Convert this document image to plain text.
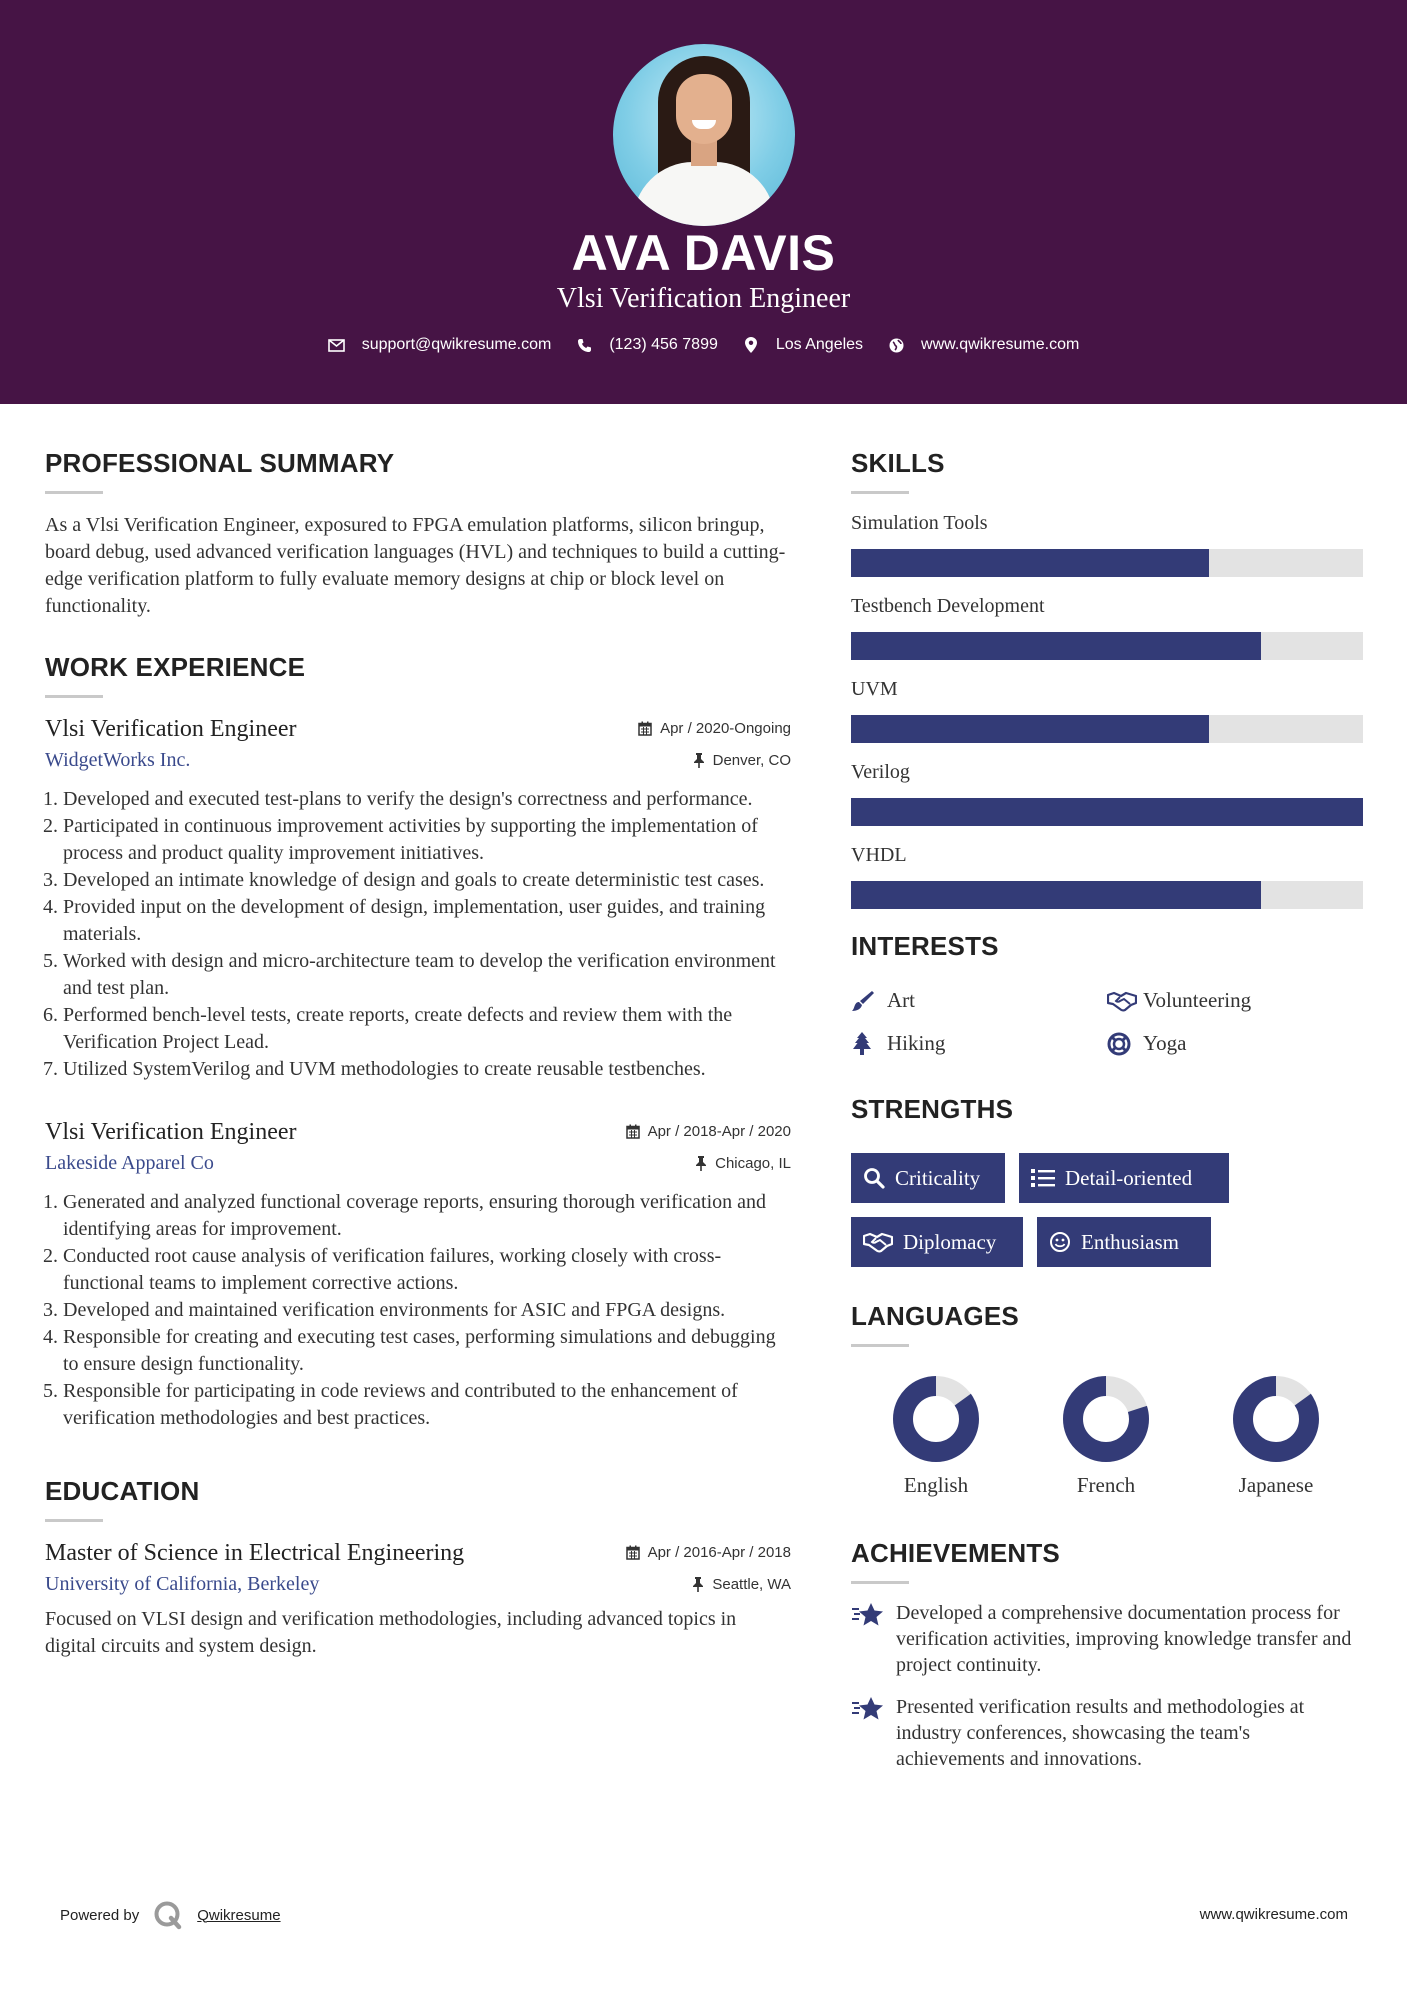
AVA DAVIS
Vlsi Verification Engineer
support@qwikresume.com	(123) 456 7899	Los Angeles	www.qwikresume.com
PROFESSIONAL SUMMARY

As a Vlsi Verification Engineer, exposured to FPGA emulation platforms, silicon bringup, board debug, used advanced verification languages (HVL) and techniques to build a cutting-edge verification platform to fully evaluate memory designs at chip or block level on functionality.

WORK EXPERIENCE
Apr / 2020-Ongoing
Denver, CO
Vlsi Verification Engineer
WidgetWorks Inc.
1. Developed and executed test-plans to verify the design's correctness and performance.
2. Participated in continuous improvement activities by supporting the implementation of process and product quality improvement initiatives.
3. Developed an intimate knowledge of design and goals to create deterministic test cases.
4. Provided input on the development of design, implementation, user guides, and training materials.
5. Worked with design and micro-architecture team to develop the verification environment and test plan.
6. Performed bench-level tests, create reports, create defects and review them with the Verification Project Lead.
7. Utilized SystemVerilog and UVM methodologies to create reusable testbenches.
Apr / 2018-Apr / 2020
Chicago, IL
Vlsi Verification Engineer
Lakeside Apparel Co
1. Generated and analyzed functional coverage reports, ensuring thorough verification and identifying areas for improvement.
2. Conducted root cause analysis of verification failures, working closely with cross-functional teams to implement corrective actions.
3. Developed and maintained verification environments for ASIC and FPGA designs.
4. Responsible for creating and executing test cases, performing simulations and debugging to ensure design functionality.
5. Responsible for participating in code reviews and contributed to the enhancement of verification methodologies and best practices.
EDUCATION
Apr / 2016-Apr / 2018
Seattle, WA
Master of Science in Electrical Engineering
University of California, Berkeley

Focused on VLSI design and verification methodologies, including advanced topics in digital circuits and system design.

SKILLS
Simulation Tools
Testbench Development
UVM
Verilog
VHDL
INTERESTS
Art	Volunteering
Hiking	Yoga
STRENGTHS
Criticality	Detail-oriented
Diplomacy	Enthusiasm
LANGUAGES
English	French	Japanese
ACHIEVEMENTS
Developed a comprehensive documentation process for verification activities, improving knowledge transfer and project continuity.
Presented verification results and methodologies at industry conferences, showcasing the team's achievements and innovations.
Powered by	Qwikresume	www.qwikresume.com
